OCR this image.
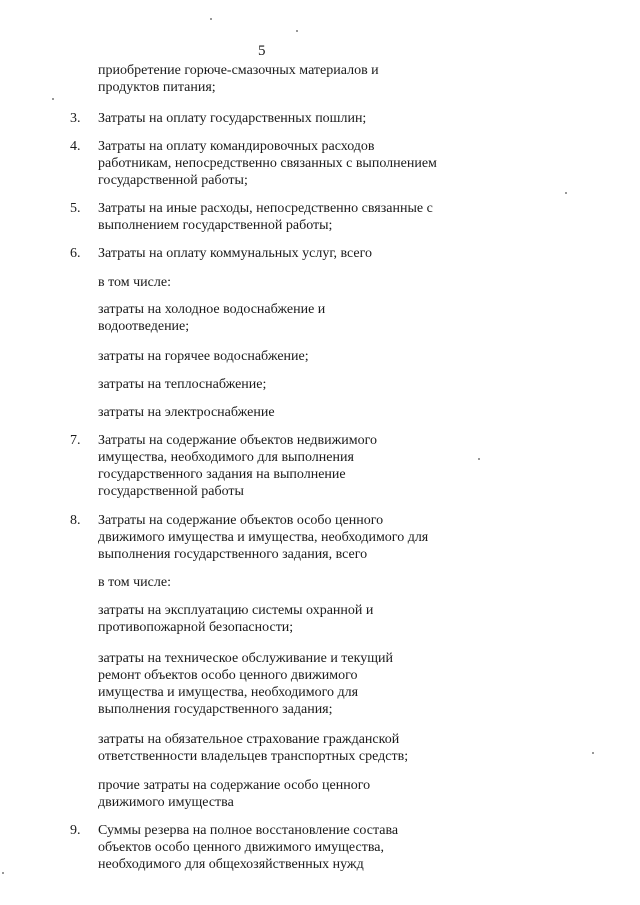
5
приобретение горюче-смазочных материалов и продуктов питания;
3.	Затраты на оплату государственных пошлин;
4.	Затраты на оплату командировочных расходов работникам, непосредственно связанных с выполнением государственной работы;
5.	Затраты на иные расходы, непосредственно связанные с выполнением государственной работы;
6.	Затраты на оплату коммунальных услуг, всего
в том числе:
затраты на холодное водоснабжение и водоотведение;
затраты на горячее водоснабжение;
затраты на теплоснабжение;
затраты на электроснабжение
7.	Затраты на содержание объектов недвижимого имущества, необходимого для выполнения государственного задания на выполнение государственной работы
8.	Затраты на содержание объектов особо ценного движимого имущества и имущества, необходимого для выполнения государственного задания, всего
в том числе:
затраты на эксплуатацию системы охранной и противопожарной безопасности;
затраты на техническое обслуживание и текущий ремонт объектов особо ценного движимого имущества и имущества, необходимого для выполнения государственного задания;
затраты на обязательное страхование гражданской ответственности владельцев транспортных средств;
прочие затраты на содержание особо ценного движимого имущества
9.	Суммы резерва на полное восстановление состава объектов особо ценного движимого имущества, необходимого для общехозяйственных нужд
